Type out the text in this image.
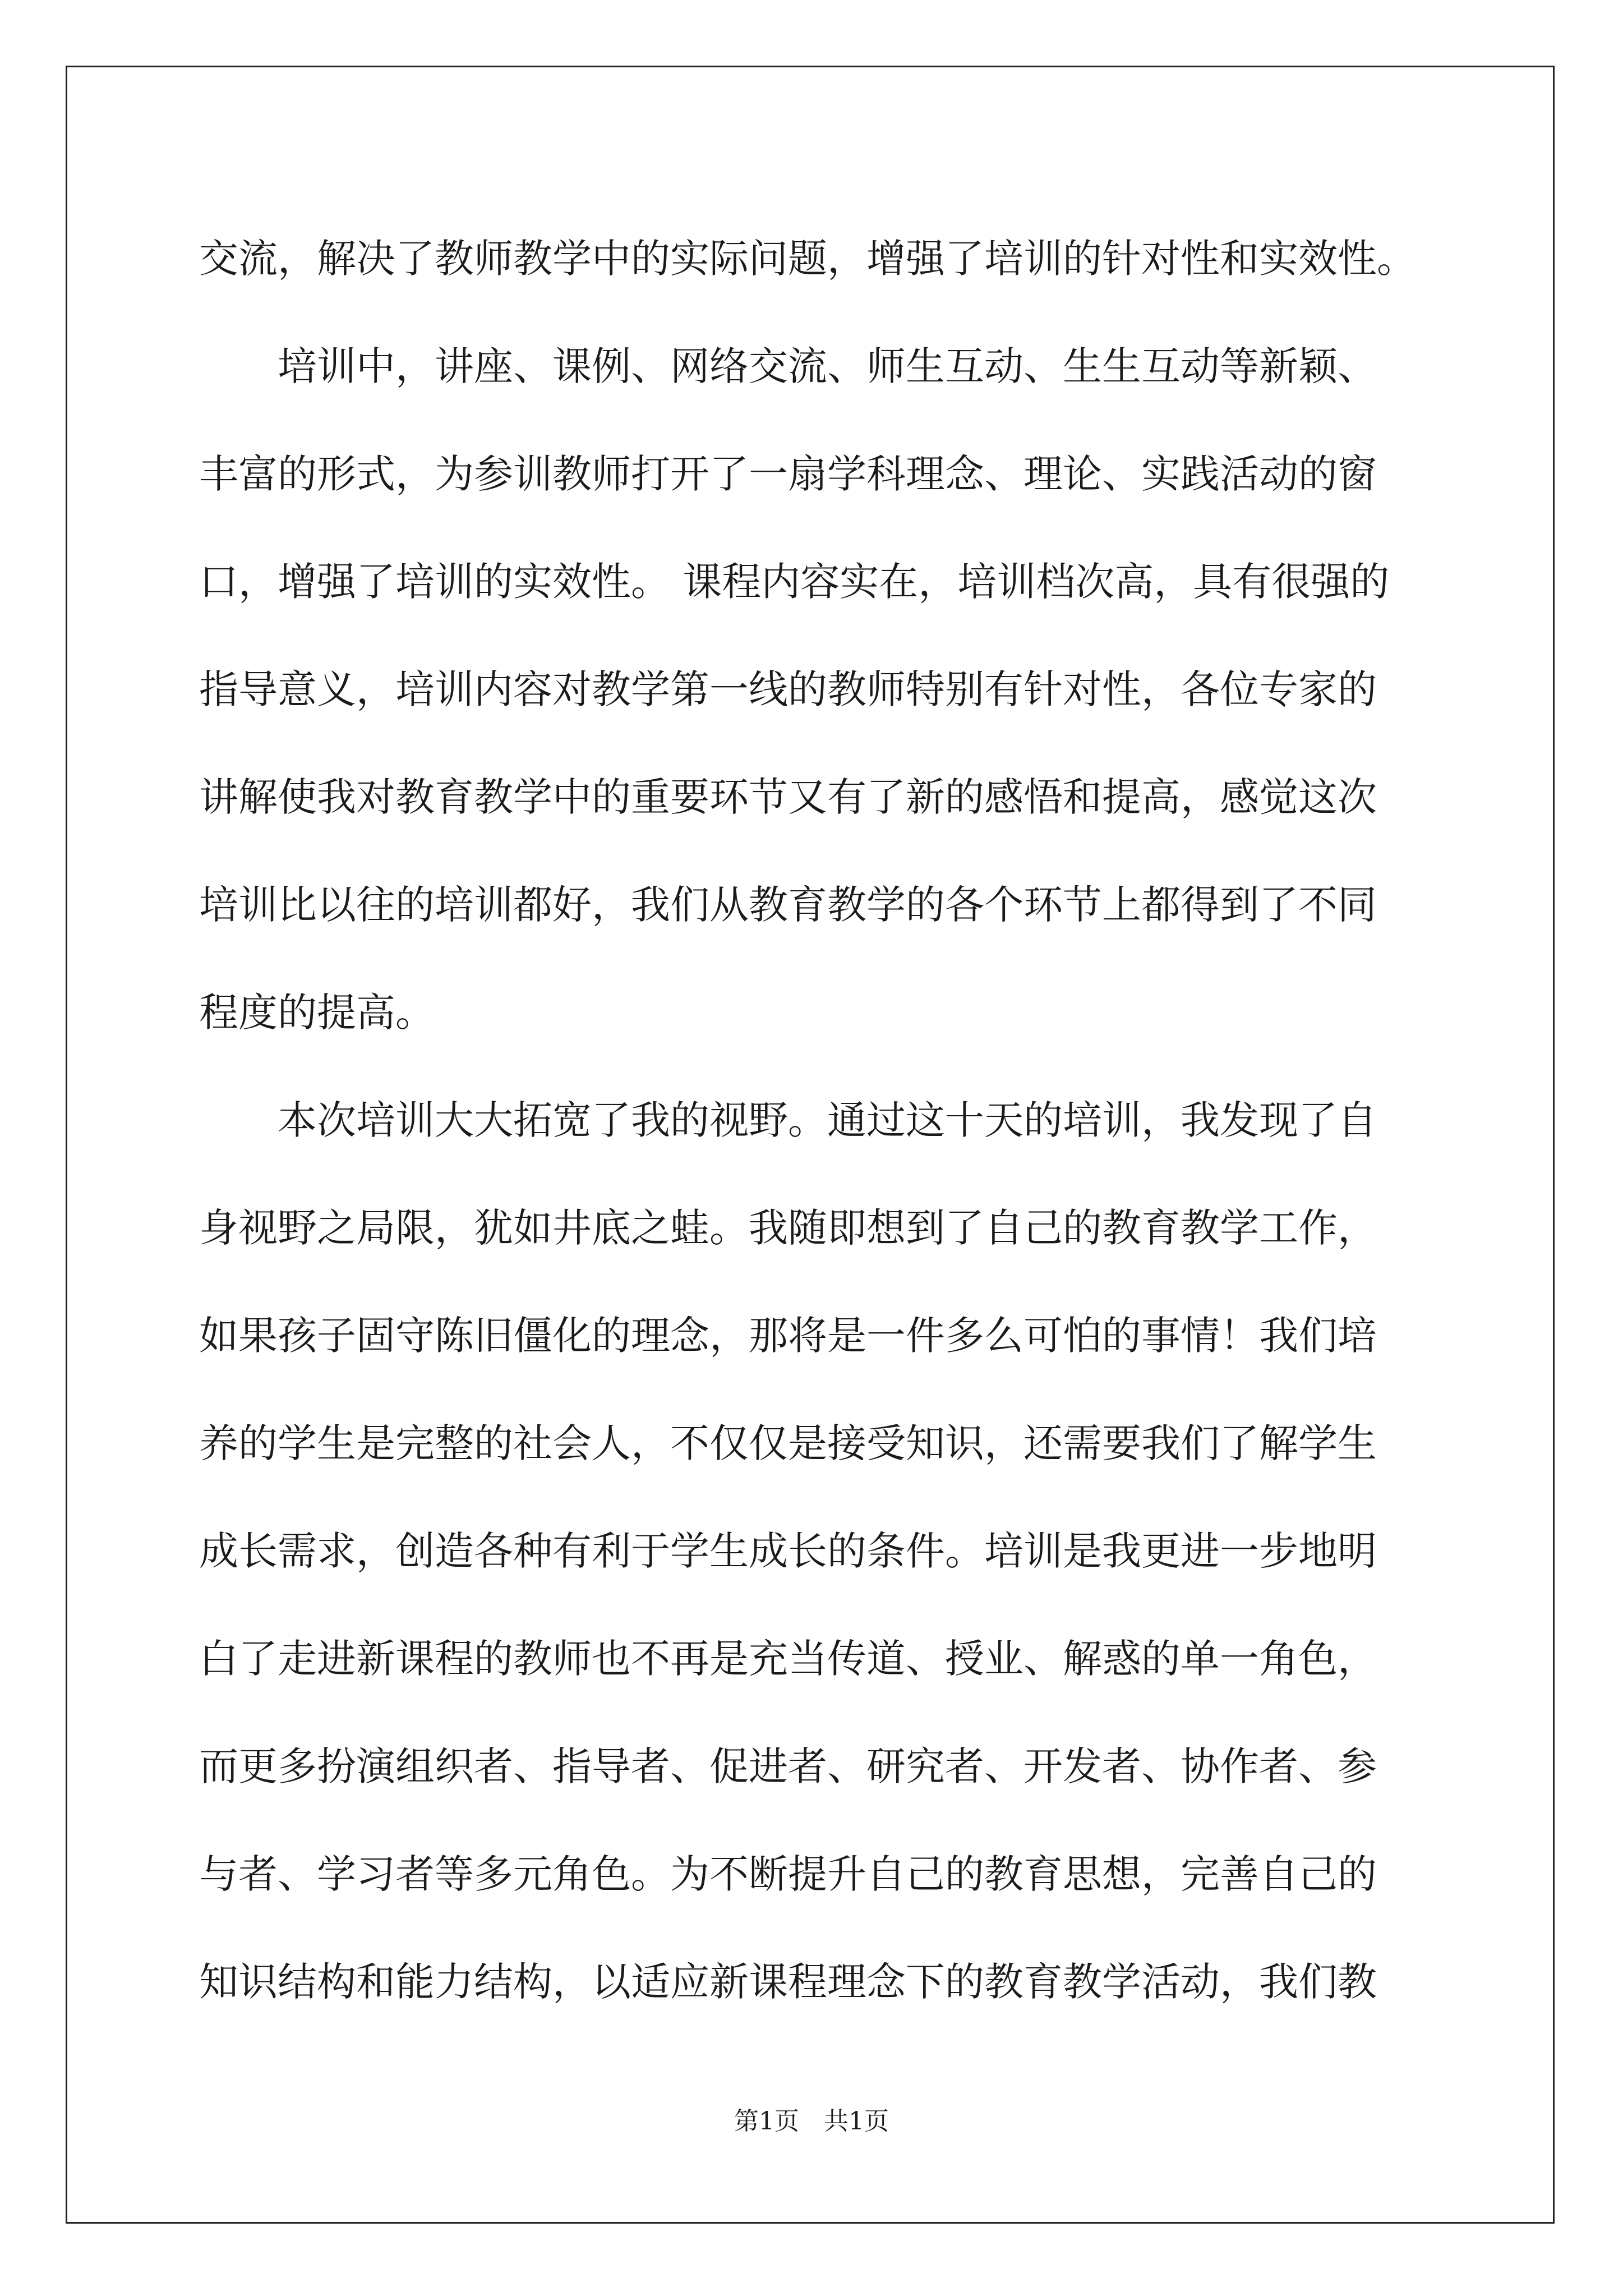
交流，解决了教师教学中的实际问题，增强了培训的针对性和实效性。
　　培训中，讲座、课例、网络交流、师生互动、生生互动等新颖、
丰富的形式，为参训教师打开了一扇学科理念、理论、实践活动的窗
口，增强了培训的实效性。 课程内容实在，培训档次高，具有很强的
指导意义，培训内容对教学第一线的教师特别有针对性，各位专家的
讲解使我对教育教学中的重要环节又有了新的感悟和提高，感觉这次
培训比以往的培训都好，我们从教育教学的各个环节上都得到了不同
程度的提高。
　　本次培训大大拓宽了我的视野。通过这十天的培训，我发现了自
身视野之局限，犹如井底之蛙。我随即想到了自己的教育教学工作，
如果孩子固守陈旧僵化的理念，那将是一件多么可怕的事情！我们培
养的学生是完整的社会人，不仅仅是接受知识，还需要我们了解学生
成长需求，创造各种有利于学生成长的条件。培训是我更进一步地明
白了走进新课程的教师也不再是充当传道、授业、解惑的单一角色，
而更多扮演组织者、指导者、促进者、研究者、开发者、协作者、参
与者、学习者等多元角色。为不断提升自己的教育思想，完善自己的
知识结构和能力结构，以适应新课程理念下的教育教学活动，我们教
第1页　共1页
